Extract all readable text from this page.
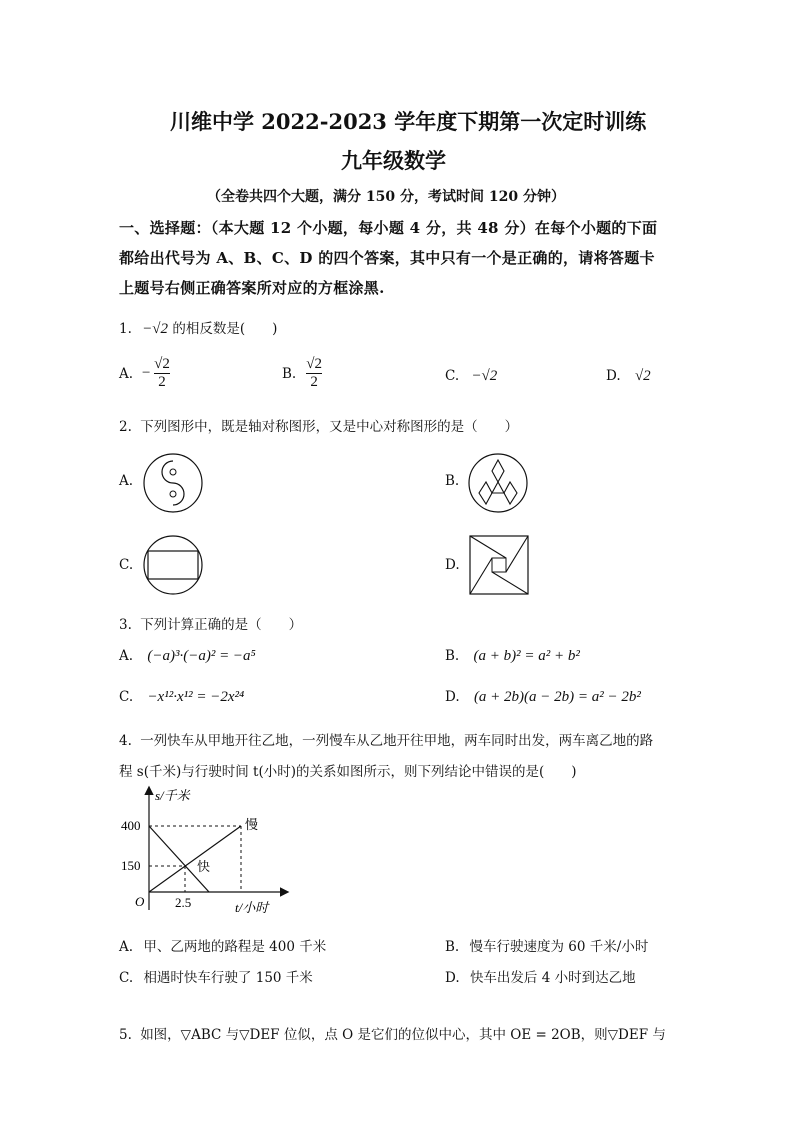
川维中学 2022-2023 学年度下期第一次定时训练
九年级数学
（全卷共四个大题，满分 150 分，考试时间 120 分钟）
一、选择题：（本大题 12 个小题，每小题 4 分，共 48 分）在每个小题的下面
都给出代号为 A、B、C、D 的四个答案，其中只有一个是正确的，请将答题卡
上题号右侧正确答案所对应的方框涂黑.
1. −√2 的相反数是(　　)
A. − $\frac{√2}{2}$	B. $\frac{√2}{2}$	C. −√2	D. √2
2. 下列图形中，既是轴对称图形，又是中心对称图形的是（　　）
A.	B.
C.	D.
3. 下列计算正确的是（　　）
A. (−a)³·(−a)² = −a⁵	B. (a + b)² = a² + b²
C. −x¹²·x¹² = −2x²⁴	D. (a + 2b)(a − 2b) = a² − 2b²
4. 一列快车从甲地开往乙地，一列慢车从乙地开往甲地，两车同时出发，两车离乙地的路
程 s(千米)与行驶时间 t(小时)的关系如图所示，则下列结论中错误的是(　　)
s/千米
400
150
O 2.5	t/小时
慢
快
A. 甲、乙两地的路程是 400 千米	B. 慢车行驶速度为 60 千米/小时
C. 相遇时快车行驶了 150 千米	D. 快车出发后 4 小时到达乙地
5. 如图，▽ABC 与▽DEF 位似，点 O 是它们的位似中心，其中 OE = 2OB，则▽DEF 与
